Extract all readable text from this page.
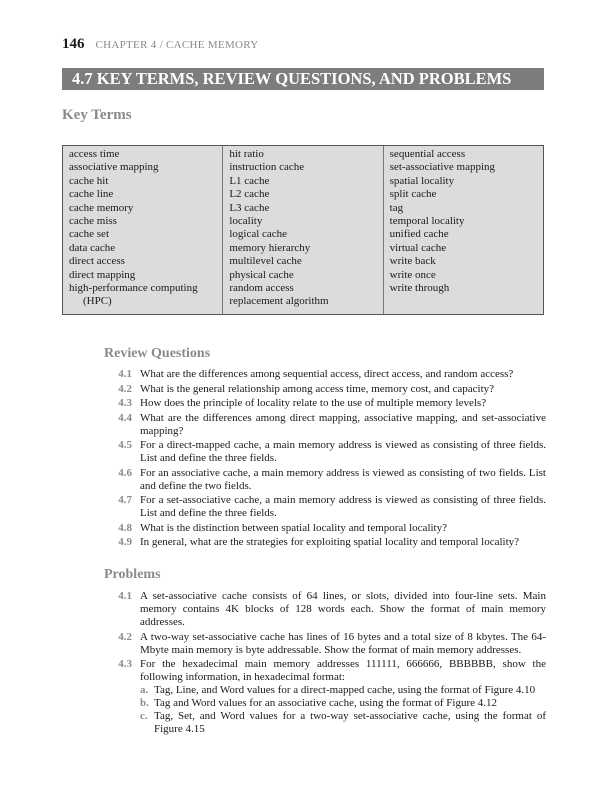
146 CHAPTER 4 / CACHE MEMORY
4.7 KEY TERMS, REVIEW QUESTIONS, AND PROBLEMS
Key Terms
access time
associative mapping
cache hit
cache line
cache memory
cache miss
cache set
data cache
direct access
direct mapping
high-performance computing
(HPC)
hit ratio
instruction cache
L1 cache
L2 cache
L3 cache
locality
logical cache
memory hierarchy
multilevel cache
physical cache
random access
replacement algorithm
sequential access
set-associative mapping
spatial locality
split cache
tag
temporal locality
unified cache
virtual cache
write back
write once
write through
Review Questions
4.1 What are the differences among sequential access, direct access, and random access?
4.2 What is the general relationship among access time, memory cost, and capacity?
4.3 How does the principle of locality relate to the use of multiple memory levels?
4.4 What are the differences among direct mapping, associative mapping, and set-associative mapping?
4.5 For a direct-mapped cache, a main memory address is viewed as consisting of three fields. List and define the three fields.
4.6 For an associative cache, a main memory address is viewed as consisting of two fields. List and define the two fields.
4.7 For a set-associative cache, a main memory address is viewed as consisting of three fields. List and define the three fields.
4.8 What is the distinction between spatial locality and temporal locality?
4.9 In general, what are the strategies for exploiting spatial locality and temporal locality?
Problems
4.1 A set-associative cache consists of 64 lines, or slots, divided into four-line sets. Main memory contains 4K blocks of 128 words each. Show the format of main memory addresses.
4.2 A two-way set-associative cache has lines of 16 bytes and a total size of 8 kbytes. The 64-Mbyte main memory is byte addressable. Show the format of main memory addresses.
4.3 For the hexadecimal main memory addresses 111111, 666666, BBBBBB, show the following information, in hexadecimal format:
a. Tag, Line, and Word values for a direct-mapped cache, using the format of Figure 4.10
b. Tag and Word values for an associative cache, using the format of Figure 4.12
c. Tag, Set, and Word values for a two-way set-associative cache, using the format of Figure 4.15
